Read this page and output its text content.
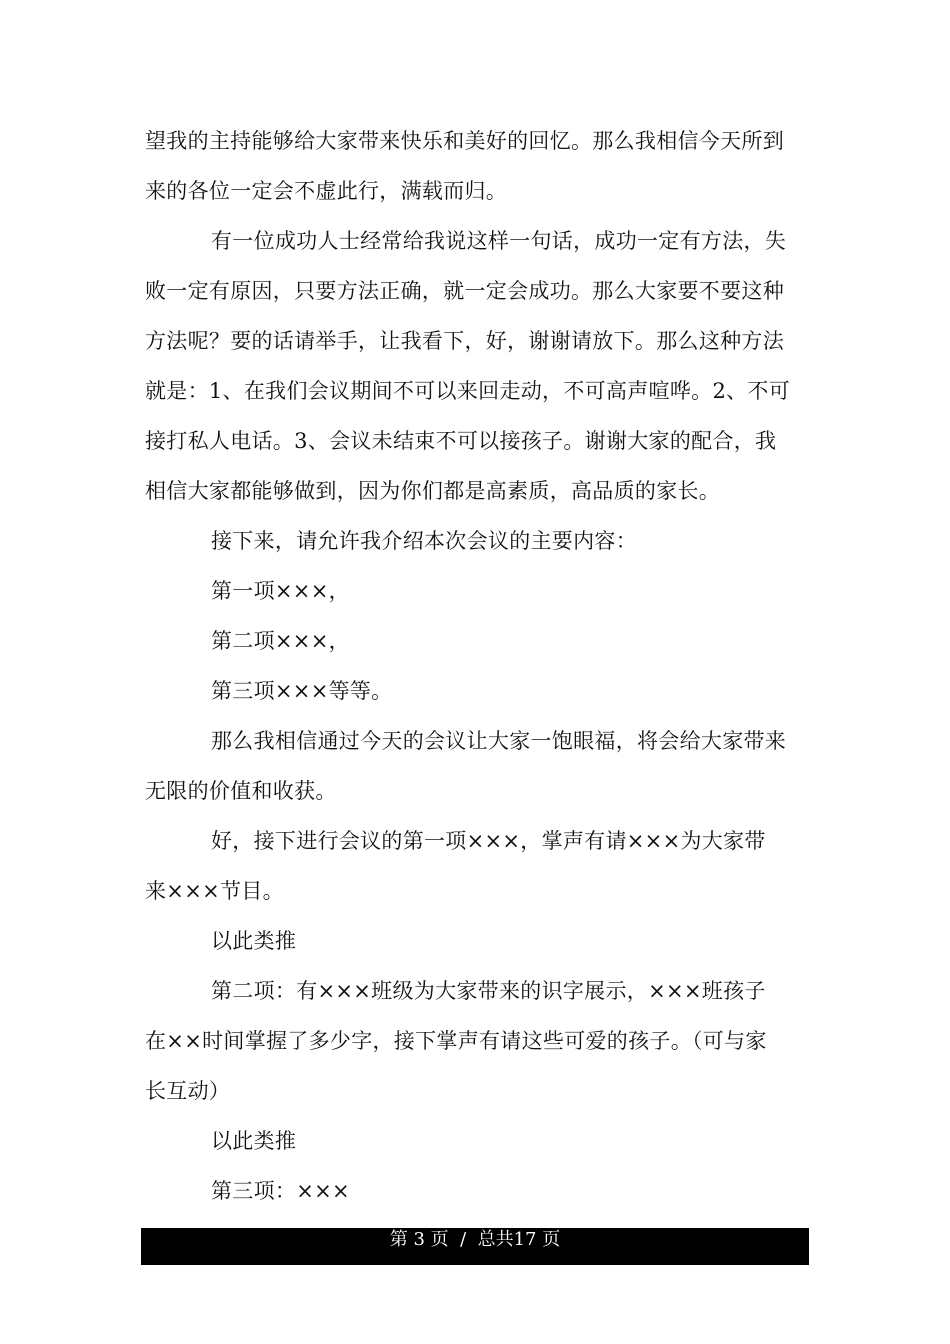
望我的主持能够给大家带来快乐和美好的回忆。那么我相信今天所到
来的各位一定会不虚此行，满载而归。
有一位成功人士经常给我说这样一句话，成功一定有方法，失
败一定有原因，只要方法正确，就一定会成功。那么大家要不要这种
方法呢？要的话请举手，让我看下，好，谢谢请放下。那么这种方法
就是：1、在我们会议期间不可以来回走动，不可高声喧哗。2、不可
接打私人电话。3、会议未结束不可以接孩子。谢谢大家的配合，我
相信大家都能够做到，因为你们都是高素质，高品质的家长。
接下来，请允许我介绍本次会议的主要内容：
第一项×××，
第二项×××，
第三项×××等等。
那么我相信通过今天的会议让大家一饱眼福，将会给大家带来
无限的价值和收获。
好，接下进行会议的第一项×××，掌声有请×××为大家带
来×××节目。
以此类推
第二项：有×××班级为大家带来的识字展示，×××班孩子
在××时间掌握了多少字，接下掌声有请这些可爱的孩子。（可与家
长互动）
以此类推
第三项：×××
第 3 页  /  总共17 页
